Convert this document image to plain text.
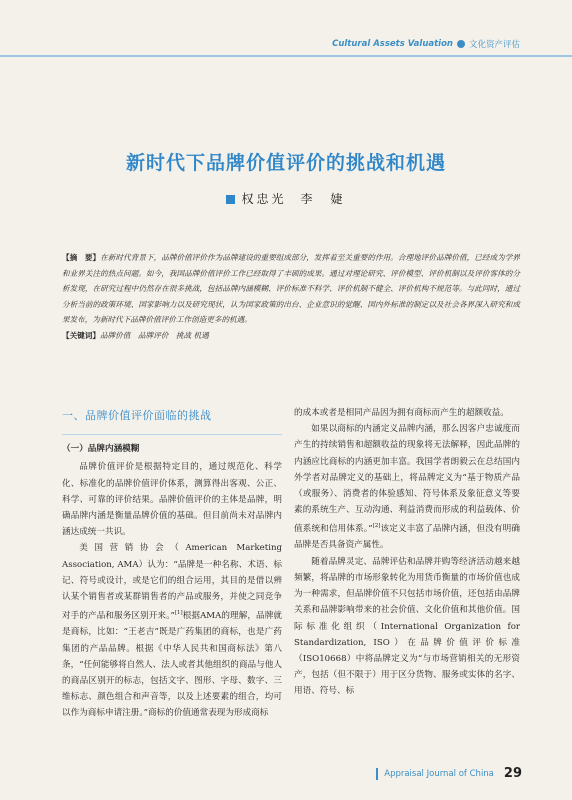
Cultural Assets Valuation 文化资产评估
新时代下品牌价值评价的挑战和机遇
权忠光 李　婕
【摘　要】在新时代背景下，品牌价值评价作为品牌建设的重要组成部分，发挥着至关重要的作用。合理地评价品牌价值，已经成为学界和业界关注的热点问题。如今，我国品牌价值评价工作已经取得了丰硕的成果。通过对理论研究、评价模型、评价机制以及评价客体的分析发现，在研究过程中仍然存在很多挑战，包括品牌内涵模糊、评价标准不科学、评价机制不健全、评价机构不规范等。与此同时，通过分析当前的政策环境、国家影响力以及研究现状，认为国家政策的出台、企业意识的觉醒、国内外标准的制定以及社会各界深入研究和成果发布，为新时代下品牌价值评价工作创造更多的机遇。
【关键词】品牌价值　品牌评价　挑战 机遇
一、品牌价值评价面临的挑战
（一）品牌内涵模糊

品牌价值评价是根据特定目的，通过规范化、科学化、标准化的品牌价值评价体系，测算得出客观、公正、科学、可靠的评价结果。品牌价值评价的主体是品牌，明确品牌内涵是衡量品牌价值的基础。但目前尚未对品牌内涵达成统一共识。

美国营销协会（American Marketing Association, AMA）认为：“品牌是一种名称、术语、标记、符号或设计，或是它们的组合运用，其目的是借以辨认某个销售者或某群销售者的产品或服务，并使之同竞争对手的产品和服务区别开来。”[1]根据AMA的理解，品牌就是商标，比如：“王老吉”既是广药集团的商标，也是广药集团的产品品牌。根据《中华人民共和国商标法》第八条，“任何能够将自然人、法人或者其他组织的商品与他人的商品区别开的标志，包括文字、图形、字母、数字、三维标志、颜色组合和声音等，以及上述要素的组合，均可以作为商标申请注册。”商标的价值通常表现为形成商标

的成本或者是相同产品因为拥有商标而产生的超额收益。

如果以商标的内涵定义品牌内涵，那么因客户忠诚度而产生的持续销售和超额收益的现象将无法解释，因此品牌的内涵应比商标的内涵更加丰富。我国学者朗毅云在总结国内外学者对品牌定义的基础上，将品牌定义为“基于物质产品（或服务）、消费者的体验感知、符号体系及象征意义等要素的系统生产、互动沟通、利益消费而形成的利益载体、价值系统和信用体系。”[2]该定义丰富了品牌内涵，但没有明确品牌是否具备资产属性。

随着品牌灵定、品牌评估和品牌并购等经济活动越来越频繁，将品牌的市场形象转化为用货币衡量的市场价值也成为一种需求，但品牌价值不只包括市场价值，还包括由品牌关系和品牌影响带来的社会价值、文化价值和其他价值。国际标准化组织（International Organization for Standardization, ISO）在品牌价值评价标准（ISO10668）中将品牌定义为“与市场营销相关的无形资产，包括（但不限于）用于区分货物、服务或实体的名字、用语、符号、标

Appraisal Journal of China 29
